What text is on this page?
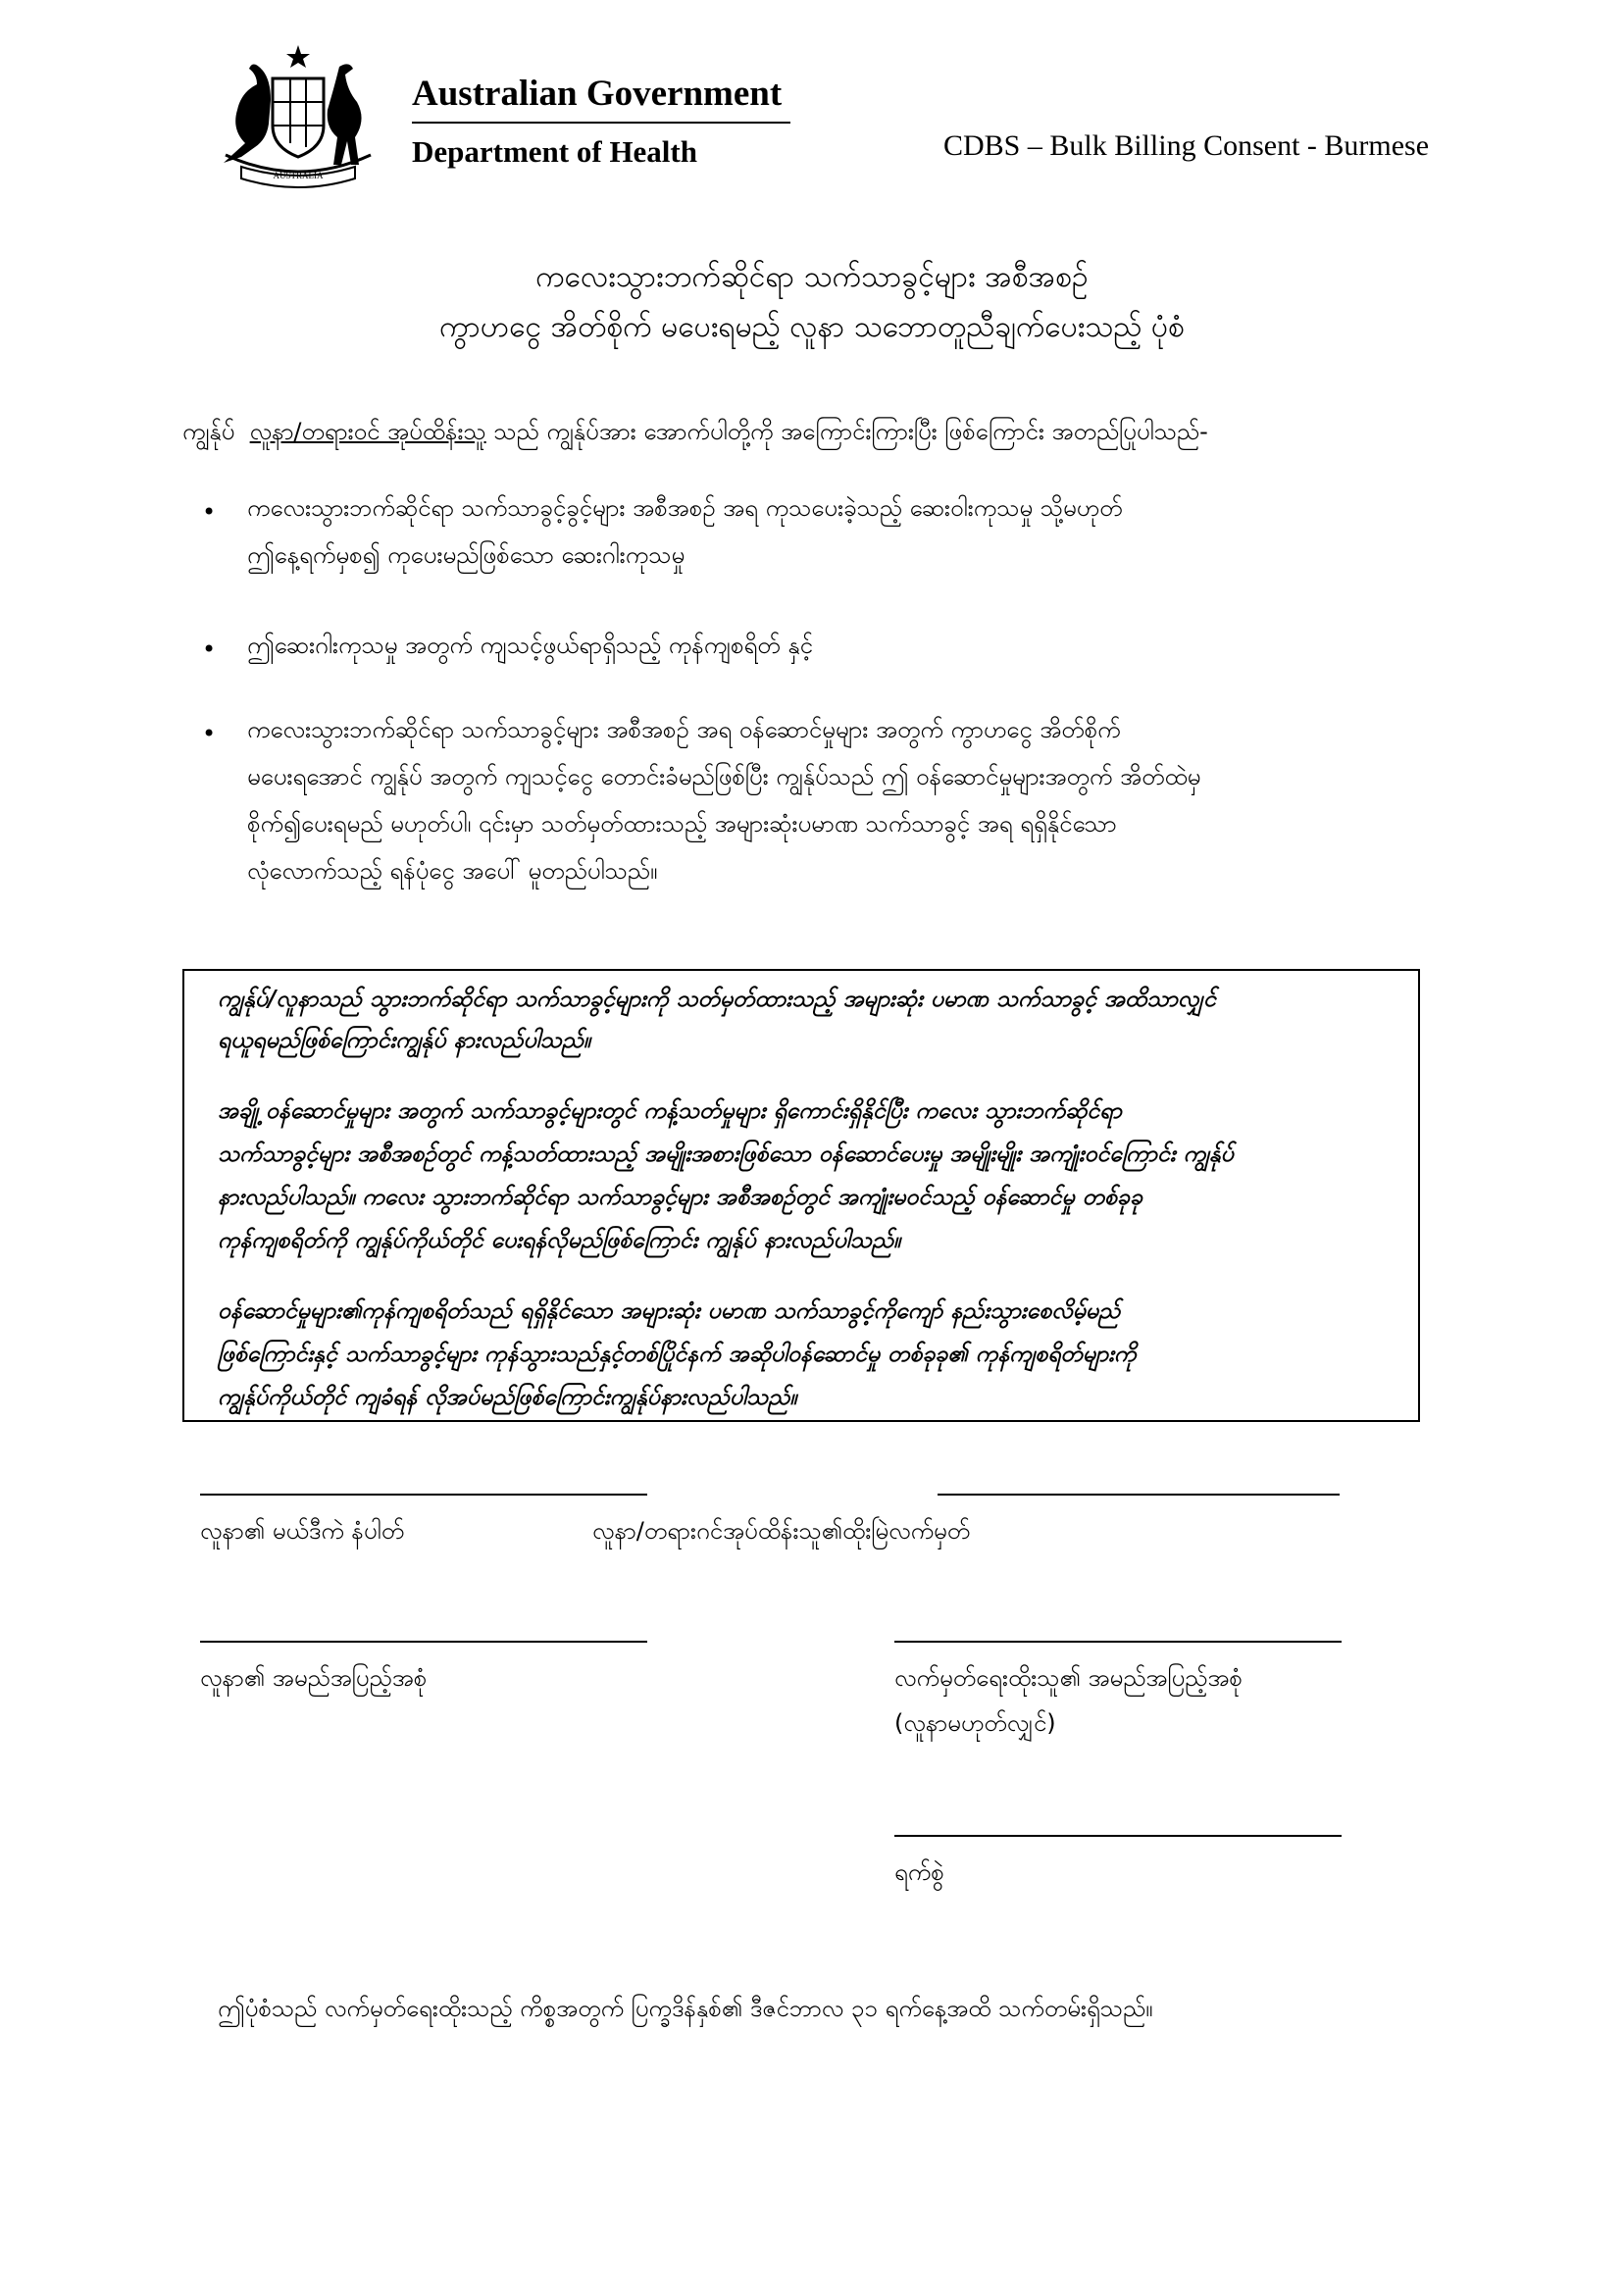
AUSTRALIA
Australian Government
Department of Health	CDBS – Bulk Billing Consent - Burmese
ကလေးသွားဘက်ဆိုင်ရာ သက်သာခွင့်များ အစီအစဉ်
ကွာဟငွေ အိတ်စိုက် မပေးရမည့် လူနာ သဘောတူညီချက်ပေးသည့် ပုံစံ
ကျွန်ုပ် လူနာ/တရားဝင် အုပ်ထိန်းသူ သည် ကျွန်ုပ်အား အောက်ပါတို့ကို အကြောင်းကြားပြီး ဖြစ်ကြောင်း အတည်ပြုပါသည်-
• ကလေးသွားဘက်ဆိုင်ရာ သက်သာခွင့်ခွင့်များ အစီအစဉ် အရ ကုသပေးခဲ့သည့် ဆေးဝါးကုသမှု သို့မဟုတ်
ဤနေ့ရက်မှစ၍ ကုပေးမည်ဖြစ်သော ဆေးဂါးကုသမှု
• ဤဆေးဂါးကုသမှု အတွက် ကျသင့်ဖွယ်ရာရှိသည့် ကုန်ကျစရိတ် နှင့်
• ကလေးသွားဘက်ဆိုင်ရာ သက်သာခွင့်များ အစီအစဉ် အရ ဝန်ဆောင်မှုများ အတွက် ကွာဟငွေ အိတ်စိုက်
မပေးရအောင် ကျွန်ုပ် အတွက် ကျသင့်ငွေ တောင်းခံမည်ဖြစ်ပြီး ကျွန်ုပ်သည် ဤ ဝန်ဆောင်မှုများအတွက် အိတ်ထဲမှ
စိုက်၍ပေးရမည် မဟုတ်ပါ၊ ၎င်းမှာ သတ်မှတ်ထားသည့် အများဆုံးပမာဏ သက်သာခွင့် အရ ရရှိနိုင်သော
လုံလောက်သည့် ရန်ပုံငွေ အပေါ် မူတည်ပါသည်။
ကျွန်ုပ်/လူနာသည် သွားဘက်ဆိုင်ရာ သက်သာခွင့်များကို သတ်မှတ်ထားသည့် အများဆုံး ပမာဏ သက်သာခွင့် အထိသာလျှင်
ရယူရမည်ဖြစ်ကြောင်းကျွန်ုပ် နားလည်ပါသည်။
အချို့ ဝန်ဆောင်မှုများ အတွက် သက်သာခွင့်များတွင် ကန့်သတ်မှုများ ရှိကောင်းရှိနိုင်ပြီး ကလေး သွားဘက်ဆိုင်ရာ
သက်သာခွင့်များ အစီအစဉ်တွင် ကန့်သတ်ထားသည့် အမျိုးအစားဖြစ်သော ဝန်ဆောင်ပေးမှု အမျိုးမျိုး အကျုံးဝင်ကြောင်း ကျွန်ုပ်
နားလည်ပါသည်။ ကလေး သွားဘက်ဆိုင်ရာ သက်သာခွင့်များ အစီအစဉ်တွင် အကျုံးမဝင်သည့် ဝန်ဆောင်မှု တစ်ခုခု
ကုန်ကျစရိတ်ကို ကျွန်ုပ်ကိုယ်တိုင် ပေးရန်လိုမည်ဖြစ်ကြောင်း ကျွန်ုပ် နားလည်ပါသည်။
ဝန်ဆောင်မှုများ၏ကုန်ကျစရိတ်သည် ရရှိနိုင်သော အများဆုံး ပမာဏ သက်သာခွင့်ကိုကျော် နည်းသွားစေလိမ့်မည်
ဖြစ်ကြောင်းနှင့် သက်သာခွင့်များ ကုန်သွားသည်နှင့်တစ်ပြိုင်နက် အဆိုပါဝန်ဆောင်မှု တစ်ခုခု၏ ကုန်ကျစရိတ်များကို
ကျွန်ုပ်ကိုယ်တိုင် ကျခံရန် လိုအပ်မည်ဖြစ်ကြောင်းကျွန်ုပ်နားလည်ပါသည်။
လူနာ၏ မယ်ဒီကဲ နံပါတ်	လူနာ/တရားဂင်အုပ်ထိန်းသူ၏ထိုးမြဲလက်မှတ်
လူနာ၏ အမည်အပြည့်အစုံ	လက်မှတ်ရေးထိုးသူ၏ အမည်အပြည့်အစုံ
(လူနာမဟုတ်လျှင်)
ရက်စွဲ
ဤပုံစံသည် လက်မှတ်ရေးထိုးသည့် ကိစ္စအတွက် ပြက္ခဒိန်နှစ်၏ ဒီဇင်ဘာလ ၃၁ ရက်နေ့အထိ သက်တမ်းရှိသည်။
